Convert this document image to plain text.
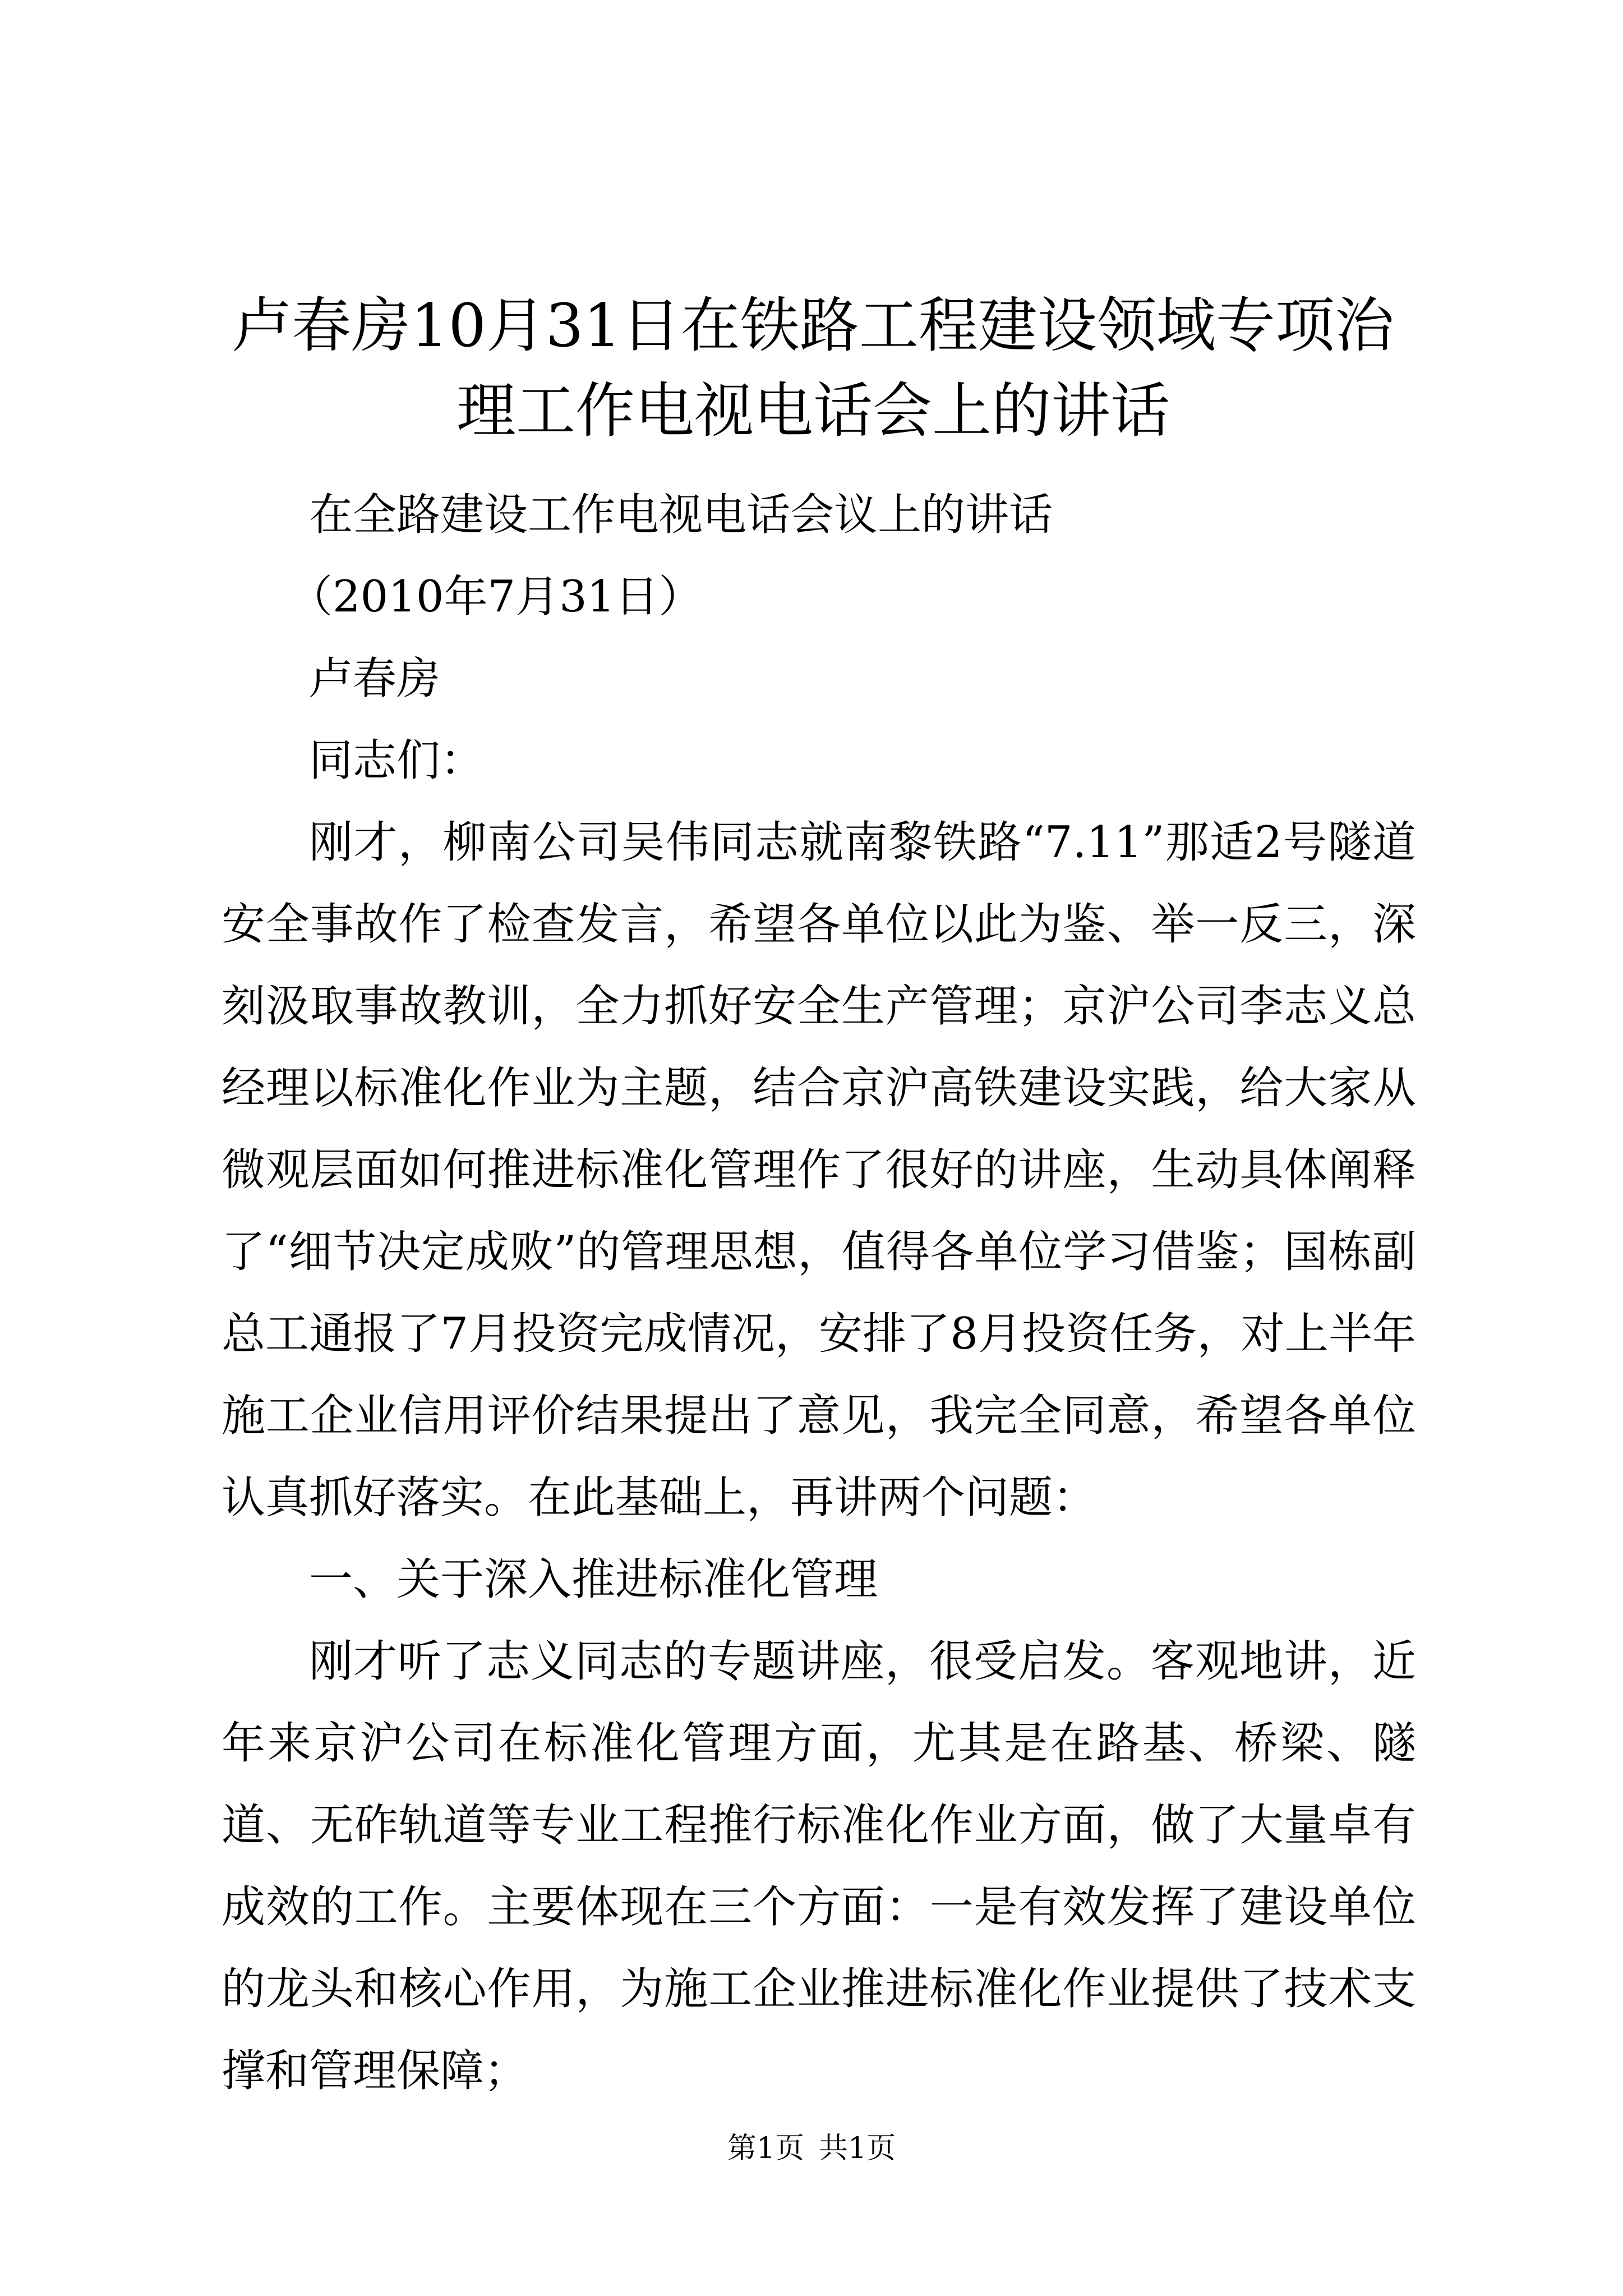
卢春房10月31日在铁路工程建设领域专项治理工作电视电话会上的讲话

在全路建设工作电视电话会议上的讲话

（2010年7月31日）

卢春房

同志们：

刚才，柳南公司吴伟同志就南黎铁路“7.11”那适2号隧道安全事故作了检查发言，希望各单位以此为鉴、举一反三，深刻汲取事故教训，全力抓好安全生产管理；京沪公司李志义总经理以标准化作业为主题，结合京沪高铁建设实践，给大家从微观层面如何推进标准化管理作了很好的讲座，生动具体阐释了“细节决定成败”的管理思想，值得各单位学习借鉴；国栋副总工通报了7月投资完成情况，安排了8月投资任务，对上半年施工企业信用评价结果提出了意见，我完全同意，希望各单位认真抓好落实。在此基础上，再讲两个问题：

一、关于深入推进标准化管理

刚才听了志义同志的专题讲座，很受启发。客观地讲，近年来京沪公司在标准化管理方面，尤其是在路基、桥梁、隧道、无砟轨道等专业工程推行标准化作业方面，做了大量卓有成效的工作。主要体现在三个方面：一是有效发挥了建设单位的龙头和核心作用，为施工企业推进标准化作业提供了技术支撑和管理保障；

第1页 共1页
